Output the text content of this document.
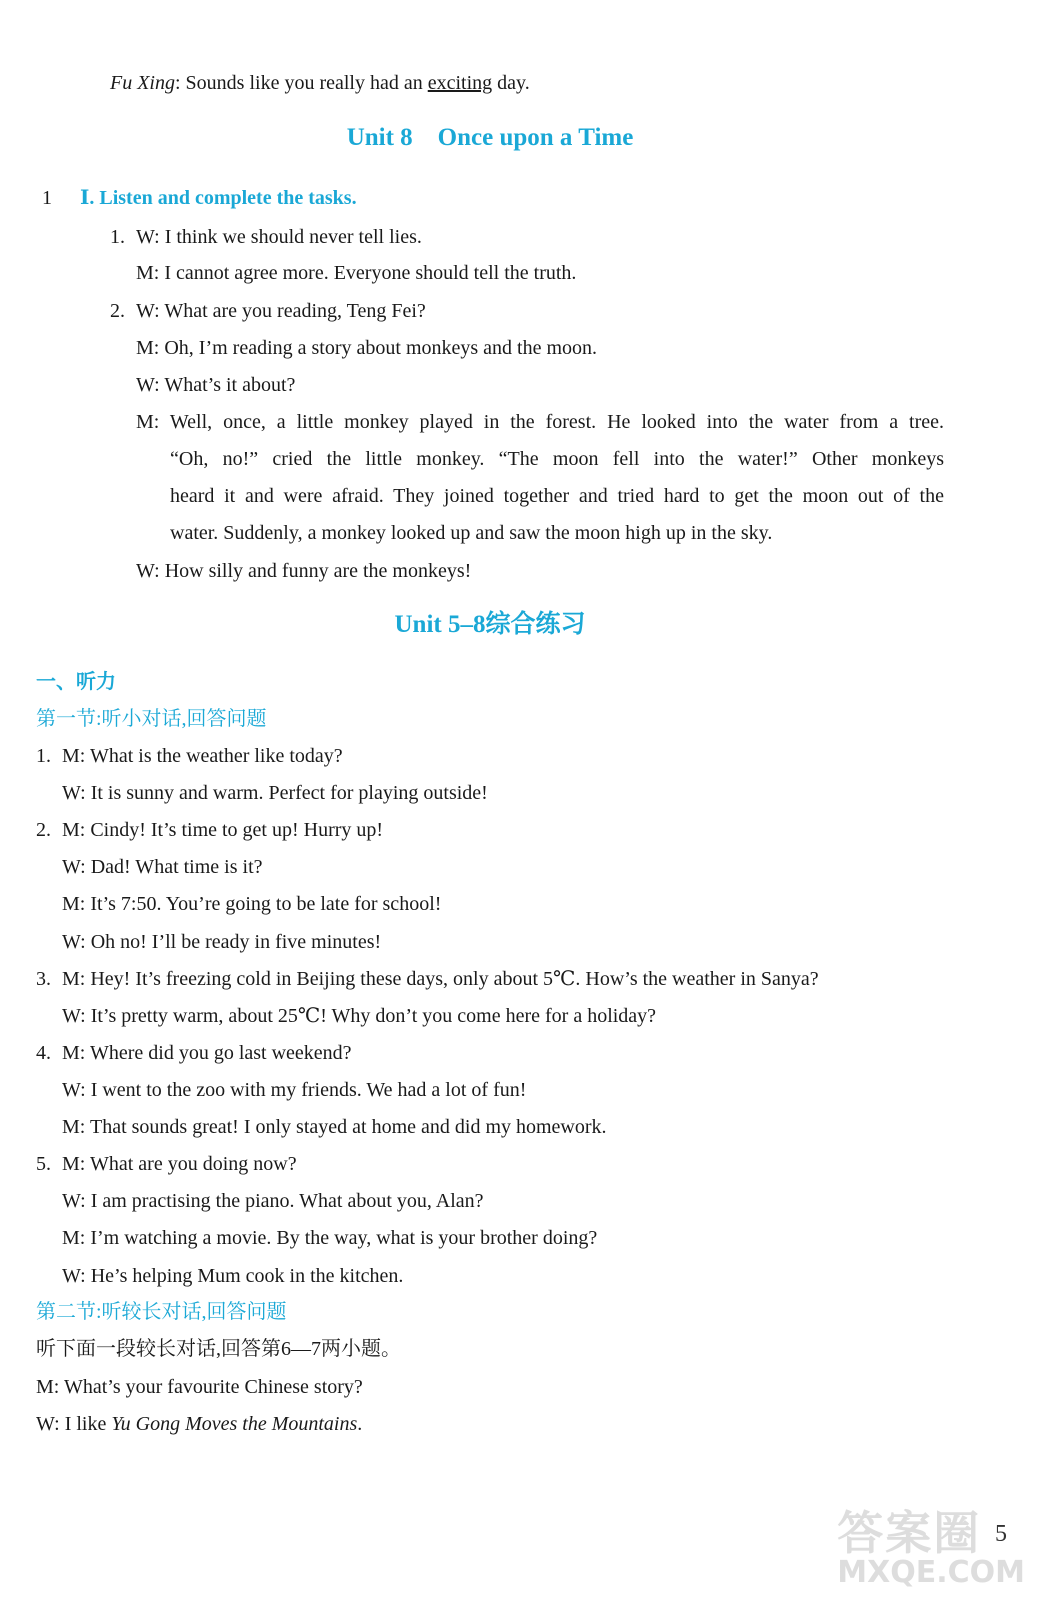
Fu Xing: Sounds like you really had an exciting day.
Unit 8    Once upon a Time
1 Ⅰ. Listen and complete the tasks.
1. W: I think we should never tell lies.
M: I cannot agree more. Everyone should tell the truth.
2. W: What are you reading, Teng Fei?
M: Oh, I’m reading a story about monkeys and the moon.
W: What’s it about?
M: Well, once, a little monkey played in the forest. He looked into the water from a tree.
“Oh, no!” cried the little monkey. “The moon fell into the water!” Other monkeys
heard it and were afraid. They joined together and tried hard to get the moon out of the
water. Suddenly, a monkey looked up and saw the moon high up in the sky.
W: How silly and funny are the monkeys!
Unit 5–8综合练习
一、听力
第一节:听小对话,回答问题
1. M: What is the weather like today?
W: It is sunny and warm. Perfect for playing outside!
2. M: Cindy! It’s time to get up! Hurry up!
W: Dad! What time is it?
M: It’s 7:50. You’re going to be late for school!
W: Oh no! I’ll be ready in five minutes!
3. M: Hey! It’s freezing cold in Beijing these days, only about 5℃. How’s the weather in Sanya?
W: It’s pretty warm, about 25℃! Why don’t you come here for a holiday?
4. M: Where did you go last weekend?
W: I went to the zoo with my friends. We had a lot of fun!
M: That sounds great! I only stayed at home and did my homework.
5. M: What are you doing now?
W: I am practising the piano. What about you, Alan?
M: I’m watching a movie. By the way, what is your brother doing?
W: He’s helping Mum cook in the kitchen.
第二节:听较长对话,回答问题
听下面一段较长对话,回答第6—7两小题。
M: What’s your favourite Chinese story?
W: I like Yu Gong Moves the Mountains.
答案圈
MXQE.COM
5
